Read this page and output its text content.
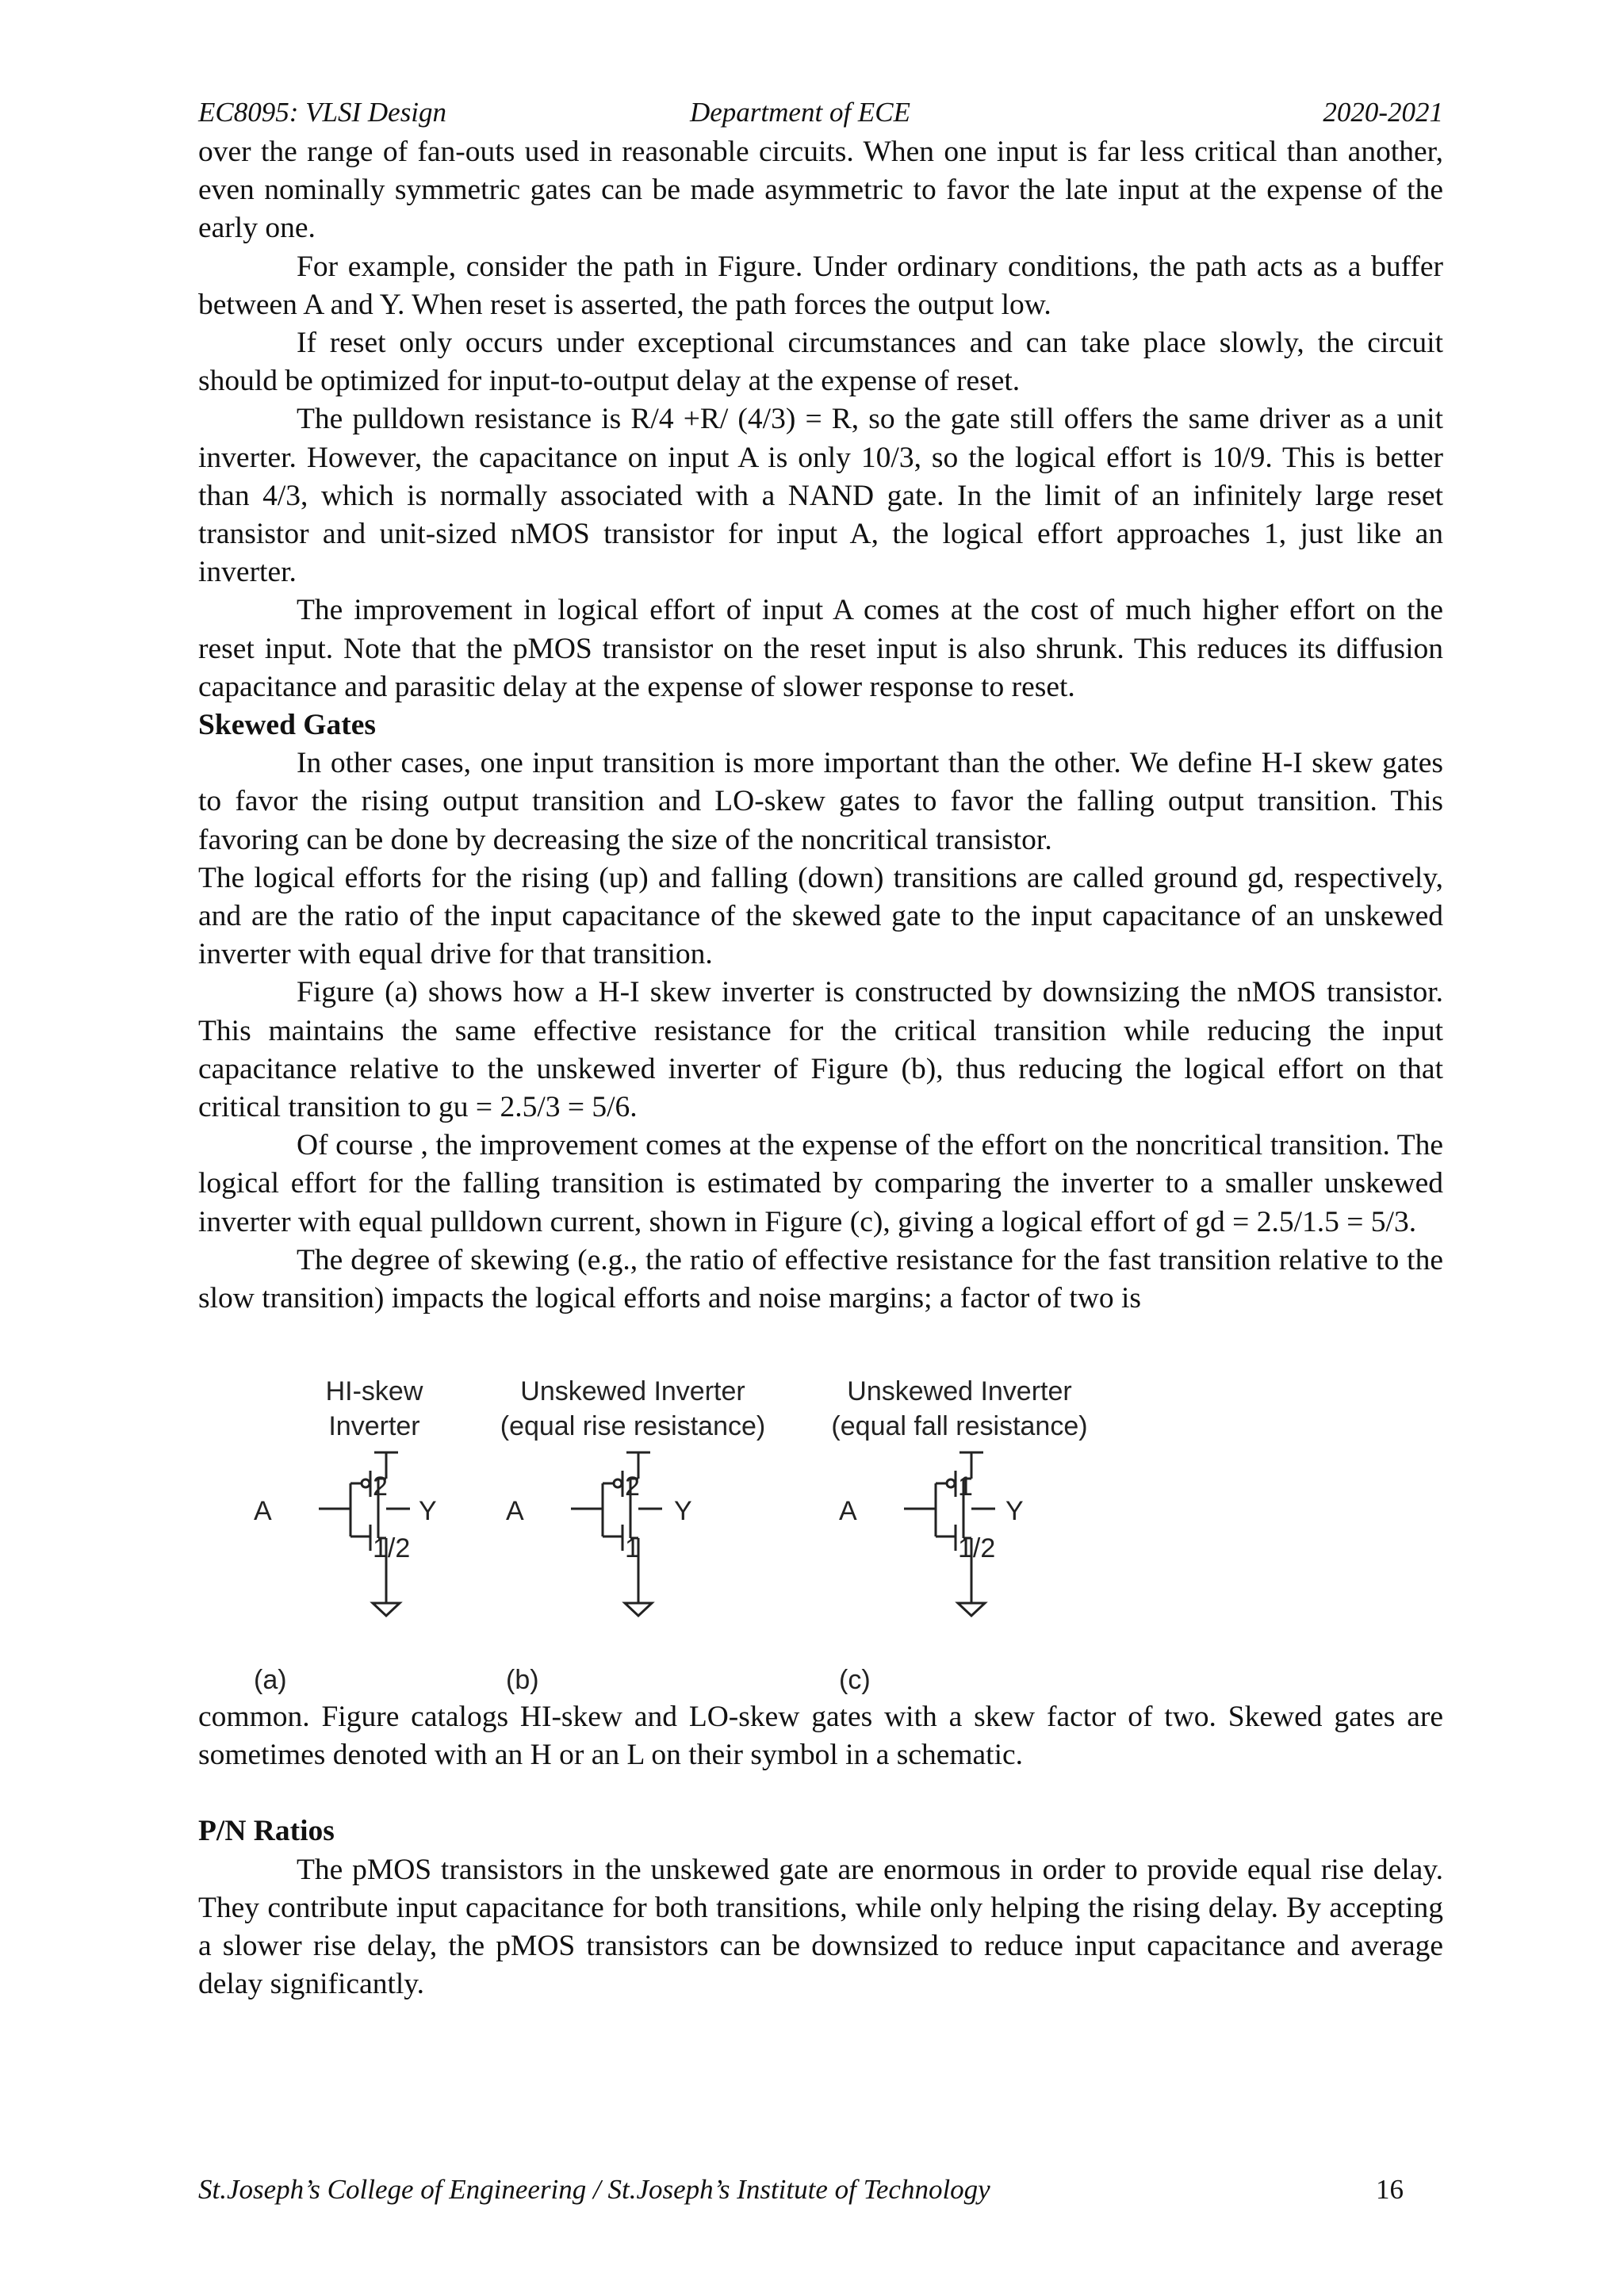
EC8095: VLSI Design	Department of ECE	2020-2021

over the range of fan-outs used in reasonable circuits. When one input is far less critical than another, even nominally symmetric gates can be made asymmetric to favor the late input at the expense of the early one.

For example, consider the path in Figure. Under ordinary conditions, the path acts as a buffer between A and Y. When reset is asserted, the path forces the output low.

If reset only occurs under exceptional circumstances and can take place slowly, the circuit should be optimized for input-to-output delay at the expense of reset.

The pulldown resistance is R/4 +R/ (4/3) = R, so the gate still offers the same driver as a unit inverter. However, the capacitance on input A is only 10/3, so the logical effort is 10/9. This is better than 4/3, which is normally associated with a NAND gate. In the limit of an infinitely large reset transistor and unit-sized nMOS transistor for input A, the logical effort approaches 1, just like an inverter.

The improvement in logical effort of input A comes at the cost of much higher effort on the reset input. Note that the pMOS transistor on the reset input is also shrunk. This reduces its diffusion capacitance and parasitic delay at the expense of slower response to reset.

Skewed Gates

In other cases, one input transition is more important than the other. We define H-I skew gates to favor the rising output transition and LO-skew gates to favor the falling output transition. This favoring can be done by decreasing the size of the noncritical transistor.

The logical efforts for the rising (up) and falling (down) transitions are called ground gd, respectively, and are the ratio of the input capacitance of the skewed gate to the input capacitance of an unskewed inverter with equal drive for that transition.

Figure (a) shows how a H-I skew inverter is constructed by downsizing the nMOS transistor. This maintains the same effective resistance for the critical transition while reducing the input capacitance relative to the unskewed inverter of Figure (b), thus reducing the logical effort on that critical transition to gu = 2.5/3 = 5/6.

Of course , the improvement comes at the expense of the effort on the noncritical transition. The logical effort for the falling transition is estimated by comparing the inverter to a smaller unskewed inverter with equal pulldown current, shown in Figure (c), giving a logical effort of gd = 2.5/1.5 = 5/3.

The degree of skewing (e.g., the ratio of effective resistance for the fast transition relative to the slow transition) impacts the logical efforts and noise margins; a factor of two is

HI-skew
Inverter
A	Y
2
1/2
(a)
Unskewed Inverter
(equal rise resistance)
A	Y
2
1
(b)
Unskewed Inverter
(equal fall resistance)
A	Y
1
1/2
(c)

common. Figure catalogs HI-skew and LO-skew gates with a skew factor of two. Skewed gates are sometimes denoted with an H or an L on their symbol in a schematic.

P/N Ratios

The pMOS transistors in the unskewed gate are enormous in order to provide equal rise delay. They contribute input capacitance for both transitions, while only helping the rising delay. By accepting a slower rise delay, the pMOS transistors can be downsized to reduce input capacitance and average delay significantly.

St.Joseph’s College of Engineering / St.Joseph’s Institute of Technology	16
